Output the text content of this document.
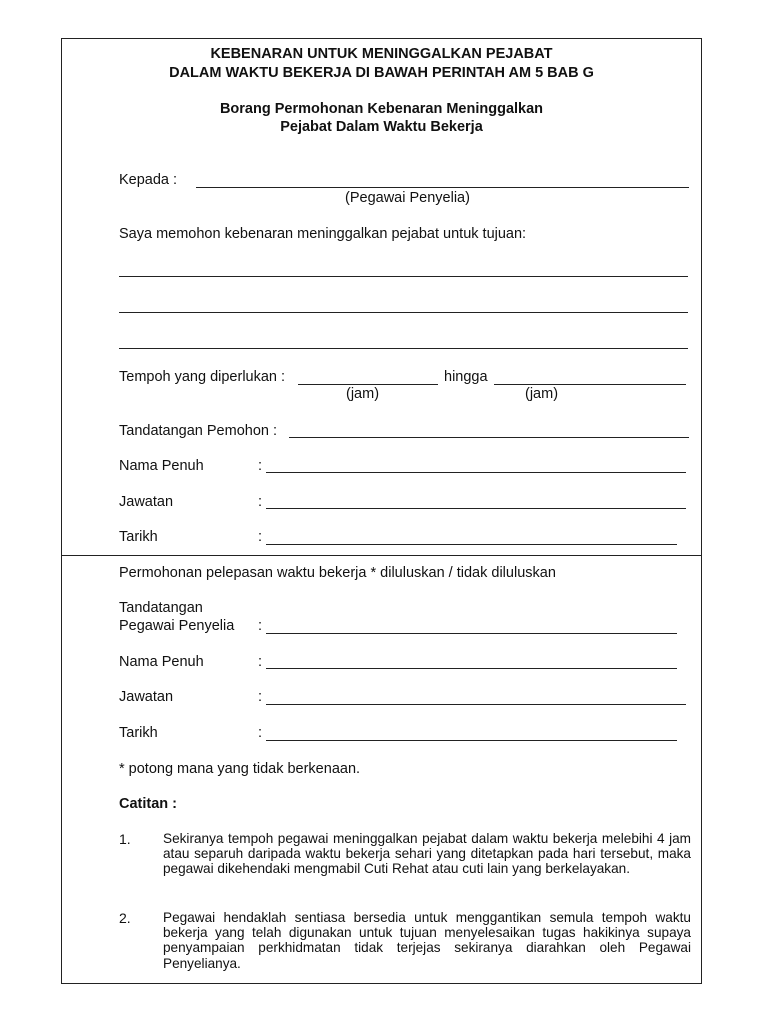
KEBENARAN UNTUK MENINGGALKAN PEJABAT
DALAM WAKTU BEKERJA DI BAWAH PERINTAH AM 5 BAB G
Borang Permohonan Kebenaran Meninggalkan
Pejabat Dalam Waktu Bekerja
Kepada :
(Pegawai Penyelia)
Saya memohon kebenaran meninggalkan pejabat untuk tujuan:
Tempoh yang diperlukan :	hingga
(jam)	(jam)
Tandatangan Pemohon :
Nama Penuh	:
Jawatan	:
Tarikh	:
Permohonan pelepasan waktu bekerja * diluluskan / tidak diluluskan
Tandatangan
Pegawai Penyelia :
Nama Penuh	:
Jawatan	:
Tarikh	:
* potong mana yang tidak berkenaan.
Catitan :
1. Sekiranya tempoh pegawai meninggalkan pejabat dalam waktu bekerja melebihi 4 jam atau separuh daripada waktu bekerja sehari yang ditetapkan pada hari tersebut, maka pegawai dikehendaki mengmabil Cuti Rehat atau cuti lain yang berkelayakan.
2. Pegawai hendaklah sentiasa bersedia untuk menggantikan semula tempoh waktu bekerja yang telah digunakan untuk tujuan menyelesaikan tugas hakikinya supaya penyampaian perkhidmatan tidak terjejas sekiranya diarahkan oleh Pegawai Penyelianya.
